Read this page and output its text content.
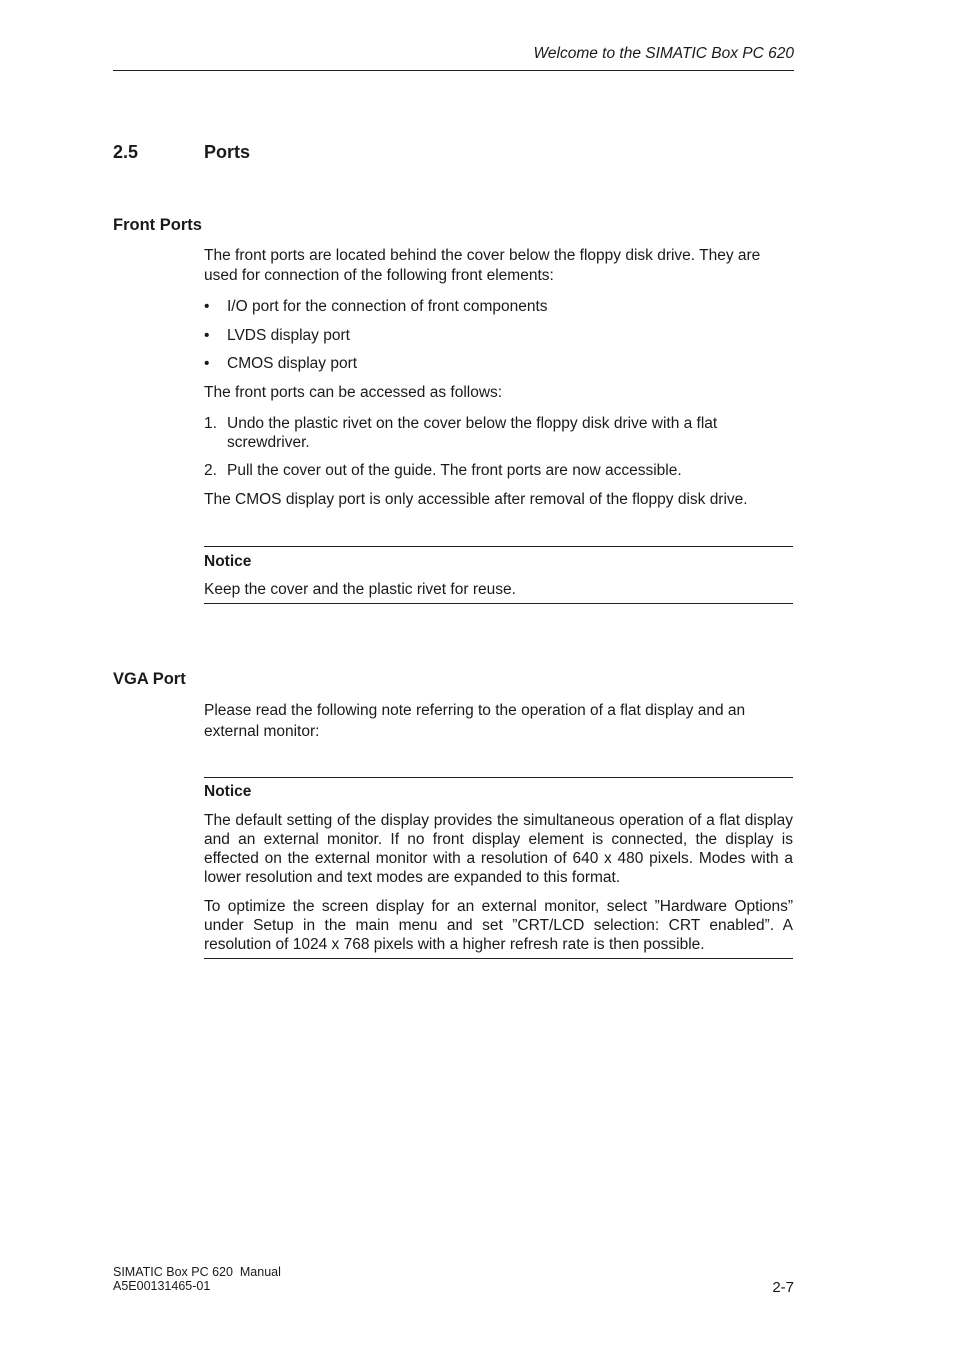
Welcome to the SIMATIC Box PC 620
2.5	Ports
Front Ports
The front ports are located behind the cover below the floppy disk drive. They are used for connection of the following front elements:
• I/O port for the connection of front components
• LVDS display port
• CMOS display port
The front ports can be accessed as follows:
1. Undo the plastic rivet on the cover below the floppy disk drive with a flat screwdriver.
2. Pull the cover out of the guide. The front ports are now accessible.
The CMOS display port is only accessible after removal of the floppy disk drive.
Notice
Keep the cover and the plastic rivet for reuse.
VGA Port
Please read the following note referring to the operation of a flat display and an external monitor:
Notice
The default setting of the display provides the simultaneous operation of a flat display and an external monitor. If no front display element is connected, the display is effected on the external monitor with a resolution of 640 x 480 pixels. Modes with a lower resolution and text modes are expanded to this format.
To optimize the screen display for an external monitor, select ”Hardware Options” under Setup in the main menu and set ”CRT/LCD selection: CRT enabled”. A resolution of 1024 x 768 pixels with a higher refresh rate is then possible.
SIMATIC Box PC 620  Manual
A5E00131465-01	2-7
